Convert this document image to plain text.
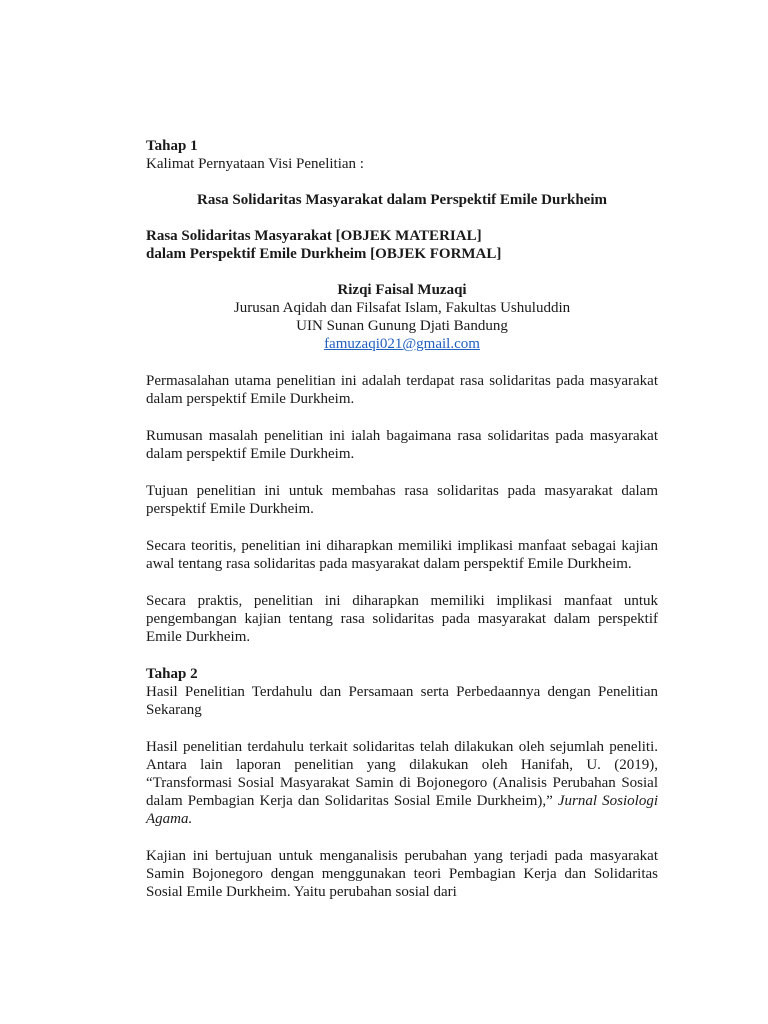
Tahap 1

Kalimat Pernyataan Visi Penelitian :

Rasa Solidaritas Masyarakat dalam Perspektif Emile Durkheim

Rasa Solidaritas Masyarakat [OBJEK MATERIAL]

dalam Perspektif Emile Durkheim [OBJEK FORMAL]

Rizqi Faisal Muzaqi

Jurusan Aqidah dan Filsafat Islam, Fakultas Ushuluddin

UIN Sunan Gunung Djati Bandung

famuzaqi021@gmail.com

Permasalahan utama penelitian ini adalah terdapat rasa solidaritas pada masyarakat dalam perspektif Emile Durkheim.

Rumusan masalah penelitian ini ialah bagaimana rasa solidaritas pada masyarakat dalam perspektif Emile Durkheim.

Tujuan penelitian ini untuk membahas rasa solidaritas pada masyarakat dalam perspektif Emile Durkheim.

Secara teoritis, penelitian ini diharapkan memiliki implikasi manfaat sebagai kajian awal tentang rasa solidaritas pada masyarakat dalam perspektif Emile Durkheim.

Secara praktis, penelitian ini diharapkan memiliki implikasi manfaat untuk pengembangan kajian tentang rasa solidaritas pada masyarakat dalam perspektif Emile Durkheim.

Tahap 2

Hasil Penelitian Terdahulu dan Persamaan serta Perbedaannya dengan Penelitian Sekarang

Hasil penelitian terdahulu terkait solidaritas telah dilakukan oleh sejumlah peneliti. Antara lain laporan penelitian yang dilakukan oleh Hanifah, U. (2019), “Transformasi Sosial Masyarakat Samin di Bojonegoro (Analisis Perubahan Sosial dalam Pembagian Kerja dan Solidaritas Sosial Emile Durkheim),” Jurnal Sosiologi Agama.

Kajian ini bertujuan untuk menganalisis perubahan yang terjadi pada masyarakat Samin Bojonegoro dengan menggunakan teori Pembagian Kerja dan Solidaritas Sosial Emile Durkheim. Yaitu perubahan sosial dari
